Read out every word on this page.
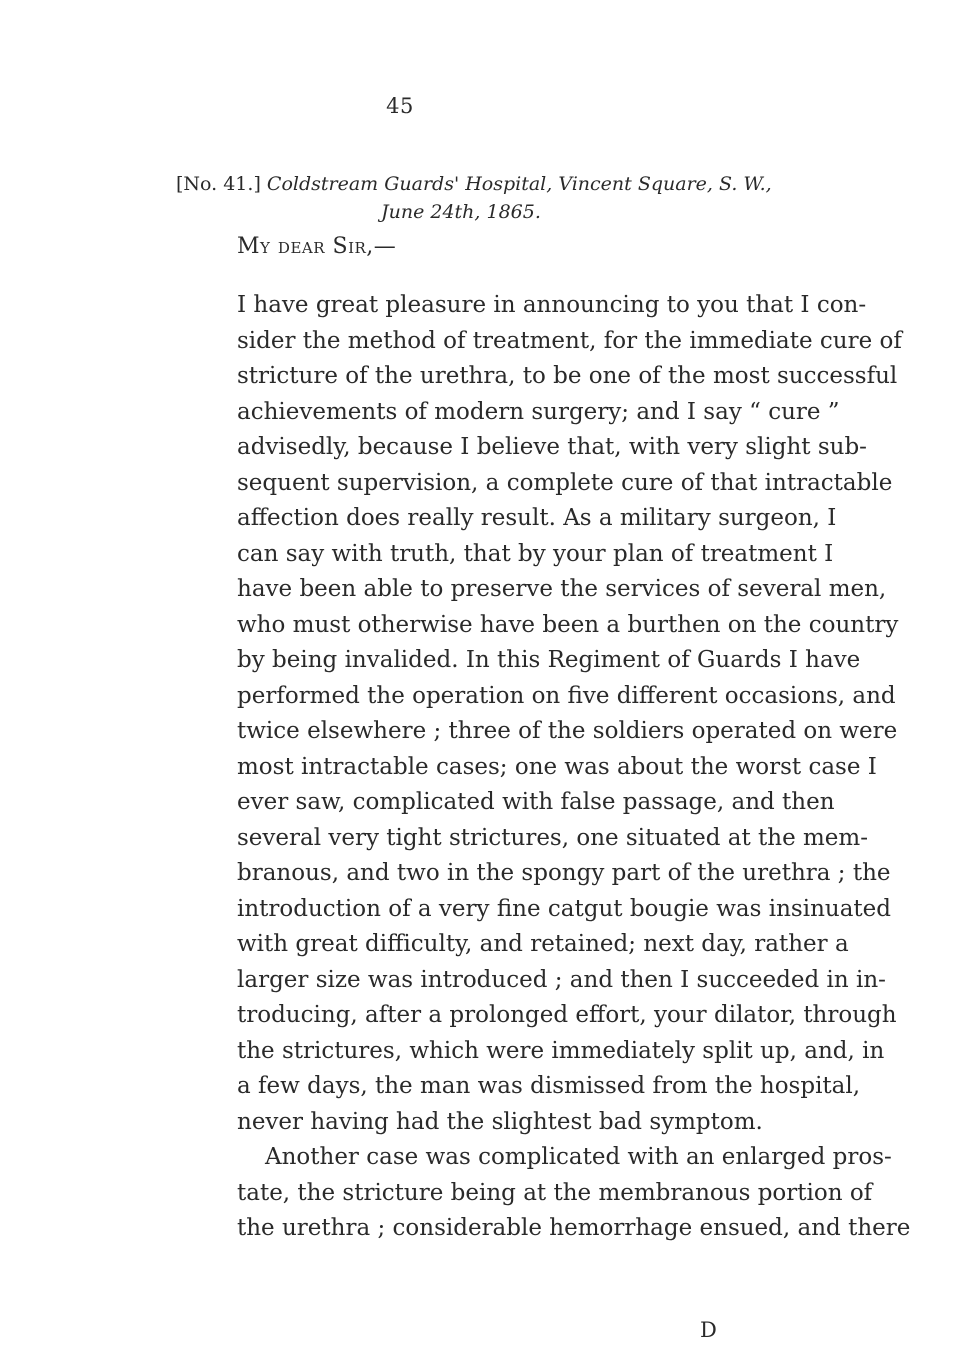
45
[No. 41.] Coldstream Guards' Hospital, Vincent Square, S. W.,
June 24th, 1865.
My dear Sir,—
I have great pleasure in announcing to you that I con-
sider the method of treatment, for the immediate cure of
stricture of the urethra, to be one of the most successful
achievements of modern surgery; and I say “ cure ”
advisedly, because I believe that, with very slight sub-
sequent supervision, a complete cure of that intractable
affection does really result. As a military surgeon, I
can say with truth, that by your plan of treatment I
have been able to preserve the services of several men,
who must otherwise have been a burthen on the country
by being invalided. In this Regiment of Guards I have
performed the operation on five different occasions, and
twice elsewhere ; three of the soldiers operated on were
most intractable cases; one was about the worst case I
ever saw, complicated with false passage, and then
several very tight strictures, one situated at the mem-
branous, and two in the spongy part of the urethra ; the
introduction of a very fine catgut bougie was insinuated
with great difficulty, and retained; next day, rather a
larger size was introduced ; and then I succeeded in in-
troducing, after a prolonged effort, your dilator, through
the strictures, which were immediately split up, and, in
a few days, the man was dismissed from the hospital,
never having had the slightest bad symptom.
Another case was complicated with an enlarged pros-
tate, the stricture being at the membranous portion of
the urethra ; considerable hemorrhage ensued, and there
D
